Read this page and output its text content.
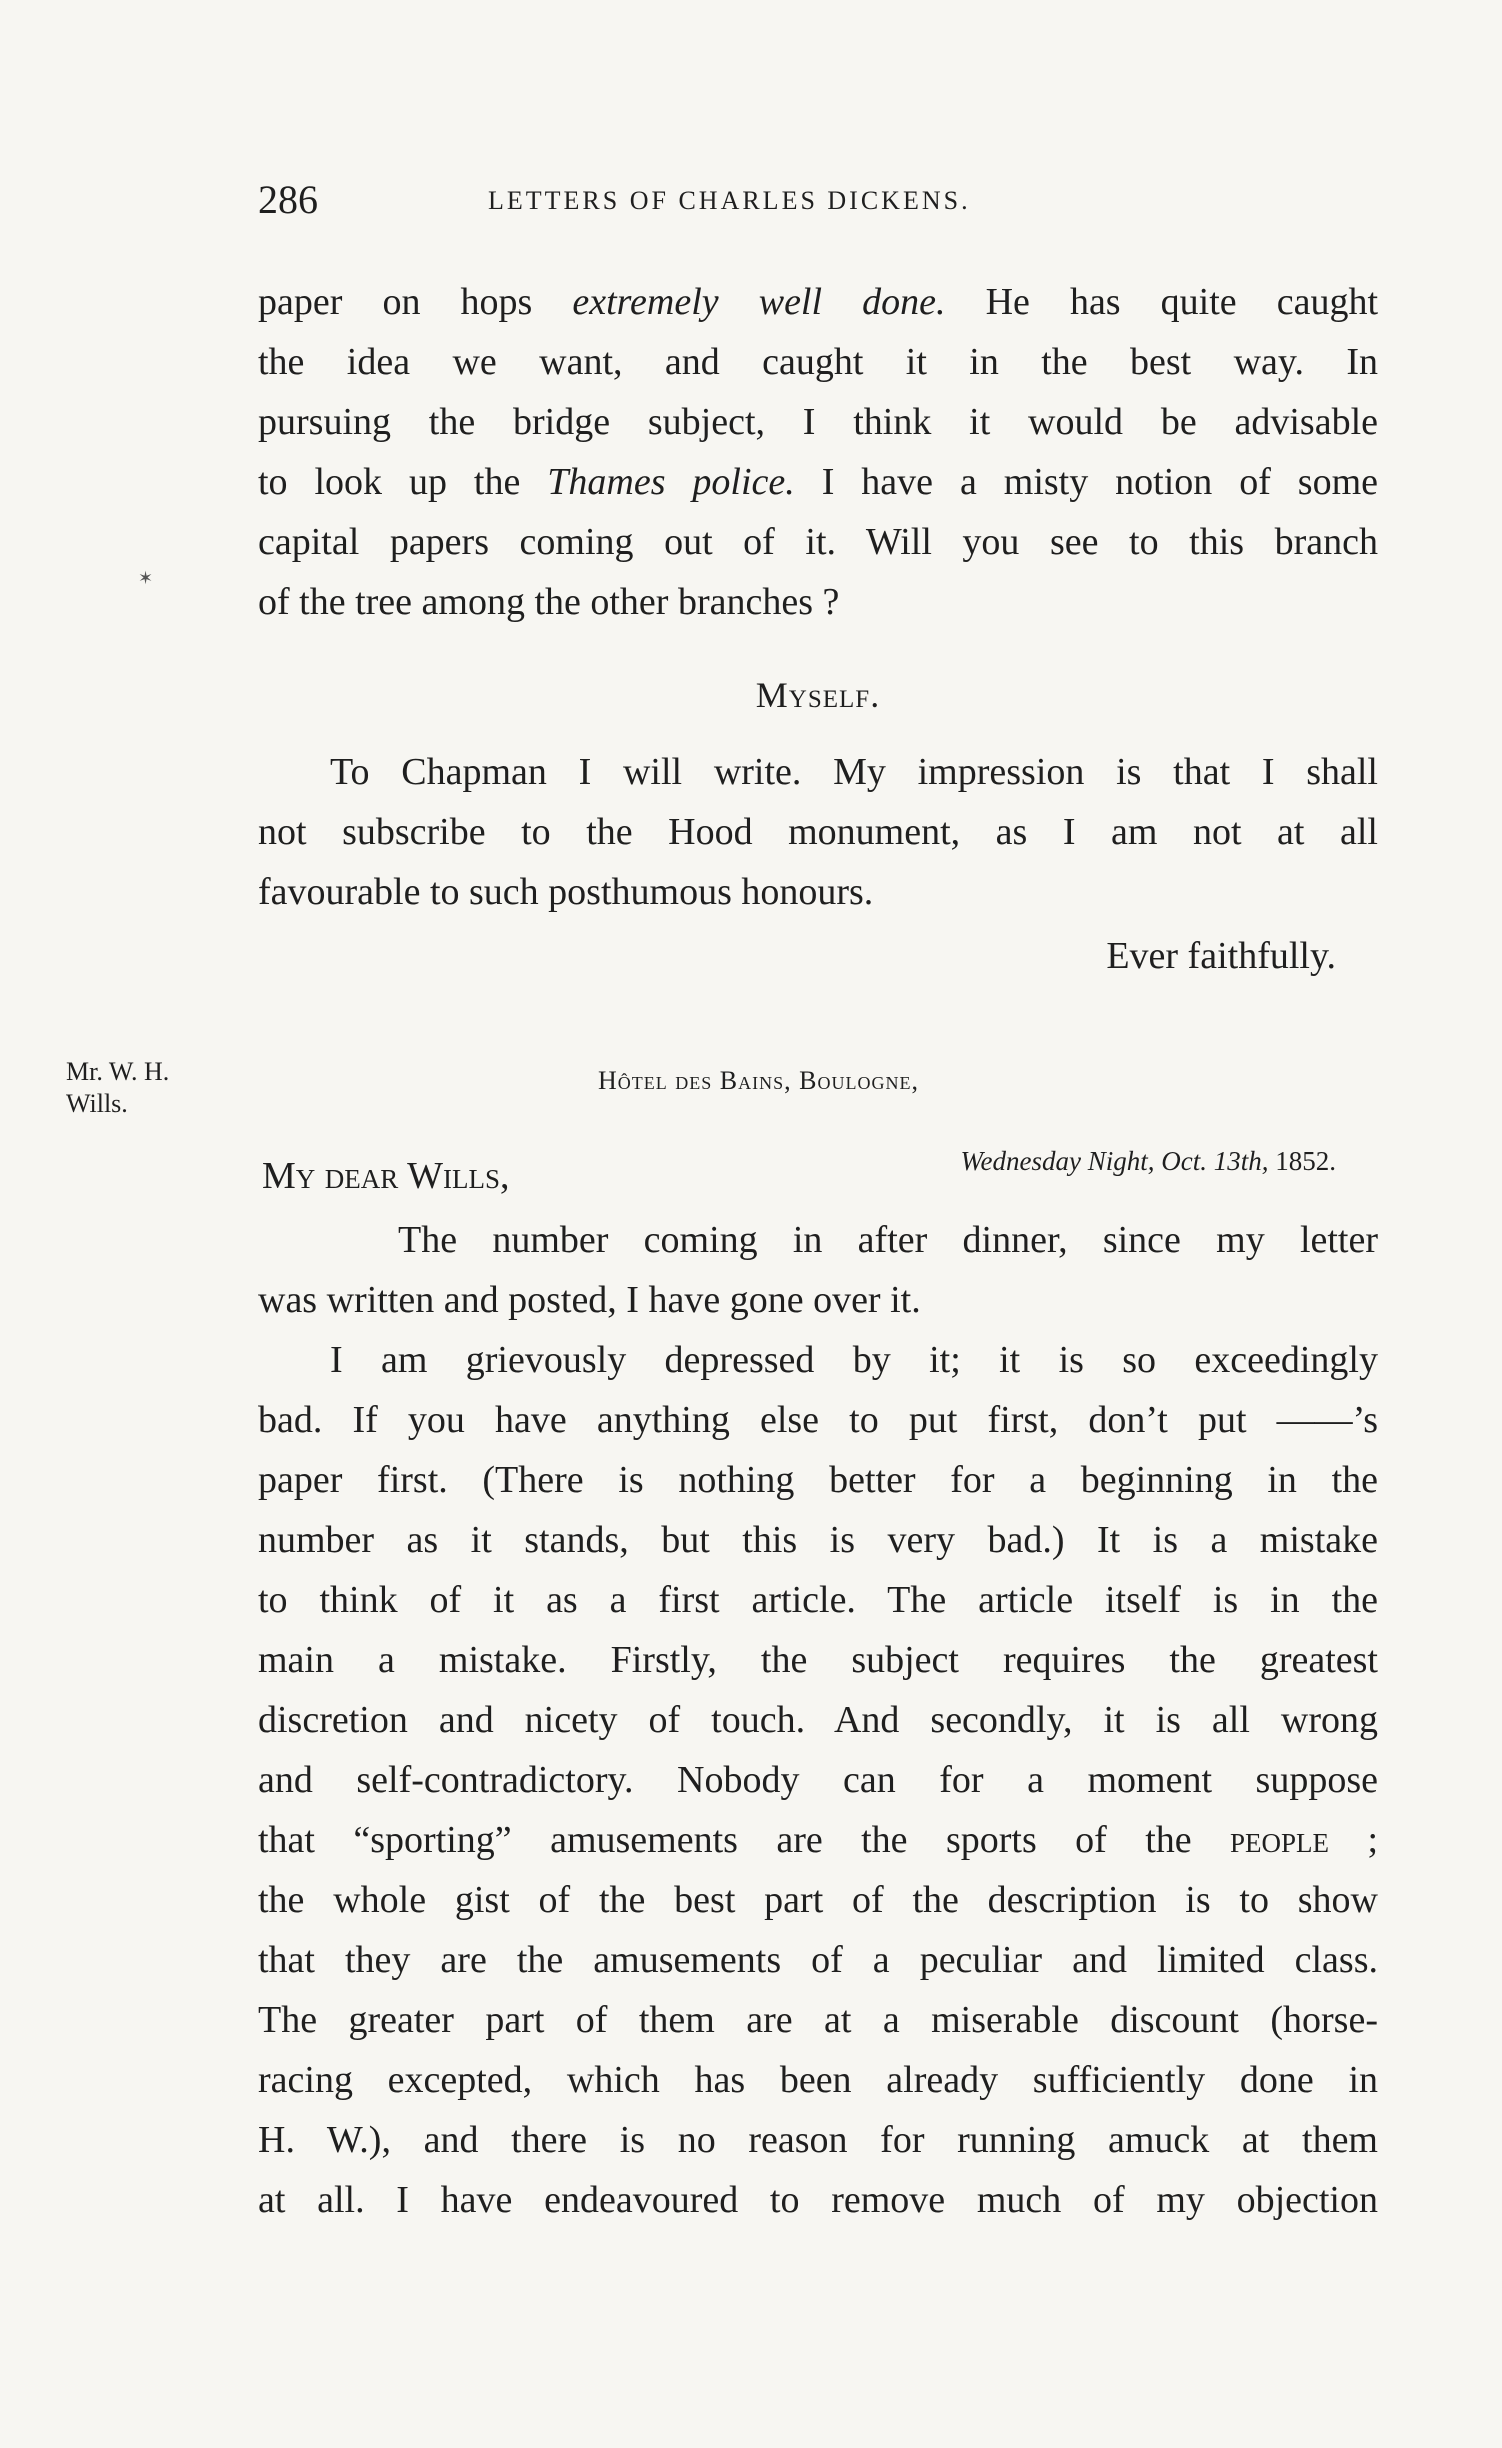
286	LETTERS OF CHARLES DICKENS.
paper on hops extremely well done. He has quite caught
the idea we want, and caught it in the best way. In
pursuing the bridge subject, I think it would be advisable
to look up the Thames police. I have a misty notion of some
capital papers coming out of it. Will you see to this branch
of the tree among the other branches ?
✶
Myself.
To Chapman I will write. My impression is that I shall
not subscribe to the Hood monument, as I am not at all
favourable to such posthumous honours.
Ever faithfully.
Mr. W. H.
Wills.
Hôtel des Bains, Boulogne,
Wednesday Night, Oct. 13th, 1852.
My dear Wills,
The number coming in after dinner, since my letter
was written and posted, I have gone over it.
I am grievously depressed by it; it is so exceedingly
bad. If you have anything else to put first, don’t put ——’s
paper first. (There is nothing better for a beginning in the
number as it stands, but this is very bad.) It is a mistake
to think of it as a first article. The article itself is in the
main a mistake. Firstly, the subject requires the greatest
discretion and nicety of touch. And secondly, it is all wrong
and self-contradictory. Nobody can for a moment suppose
that “sporting” amusements are the sports of the people ;
the whole gist of the best part of the description is to show
that they are the amusements of a peculiar and limited class.
The greater part of them are at a miserable discount (horse-
racing excepted, which has been already sufficiently done in
H. W.), and there is no reason for running amuck at them
at all. I have endeavoured to remove much of my objection
